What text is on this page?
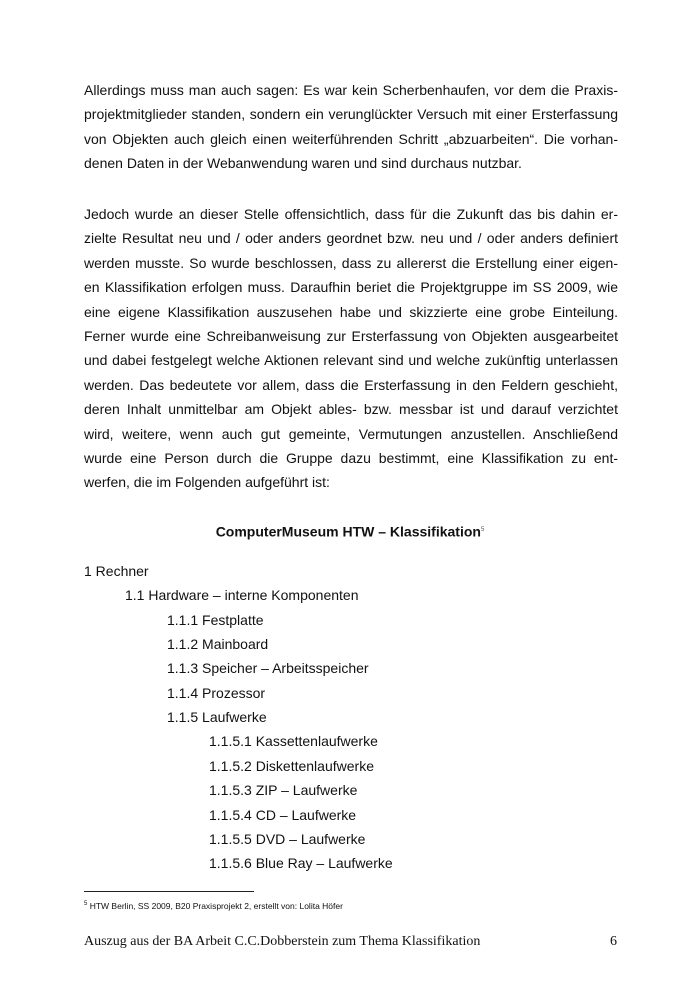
Allerdings muss man auch sagen: Es war kein Scherbenhaufen, vor dem die Praxis-
projektmitglieder standen, sondern ein verunglückter Versuch mit einer Ersterfassung
von Objekten auch gleich einen weiterführenden Schritt „abzuarbeiten“. Die vorhan-
denen Daten in der Webanwendung waren und sind durchaus nutzbar.

Jedoch wurde an dieser Stelle offensichtlich, dass für die Zukunft das bis dahin er-
zielte Resultat neu und / oder anders geordnet bzw. neu und / oder anders definiert
werden musste. So wurde beschlossen, dass zu allererst die Erstellung einer eigen-
en Klassifikation erfolgen muss. Daraufhin beriet die Projektgruppe im SS 2009, wie
eine eigene Klassifikation auszusehen habe und skizzierte eine grobe Einteilung.
Ferner wurde eine Schreibanweisung zur Ersterfassung von Objekten ausgearbeitet
und dabei festgelegt welche Aktionen relevant sind und welche zukünftig unterlassen
werden. Das bedeutete vor allem, dass die Ersterfassung in den Feldern geschieht,
deren Inhalt unmittelbar am Objekt ables- bzw. messbar ist und darauf verzichtet
wird, weitere, wenn auch gut gemeinte, Vermutungen anzustellen. Anschließend
wurde eine Person durch die Gruppe dazu bestimmt, eine Klassifikation zu ent-
werfen, die im Folgenden aufgeführt ist:

ComputerMuseum HTW – Klassifikation$^5$
1 Rechner
1.1 Hardware – interne Komponenten
1.1.1 Festplatte
1.1.2 Mainboard
1.1.3 Speicher – Arbeitsspeicher
1.1.4 Prozessor
1.1.5 Laufwerke
1.1.5.1 Kassettenlaufwerke
1.1.5.2 Diskettenlaufwerke
1.1.5.3 ZIP – Laufwerke
1.1.5.4 CD – Laufwerke
1.1.5.5 DVD – Laufwerke
1.1.5.6 Blue Ray – Laufwerke
$^5$ HTW Berlin, SS 2009, B20 Praxisprojekt 2, erstellt von: Lolita Höfer
Auszug aus der BA Arbeit C.C.Dobberstein zum Thema Klassifikation	6
